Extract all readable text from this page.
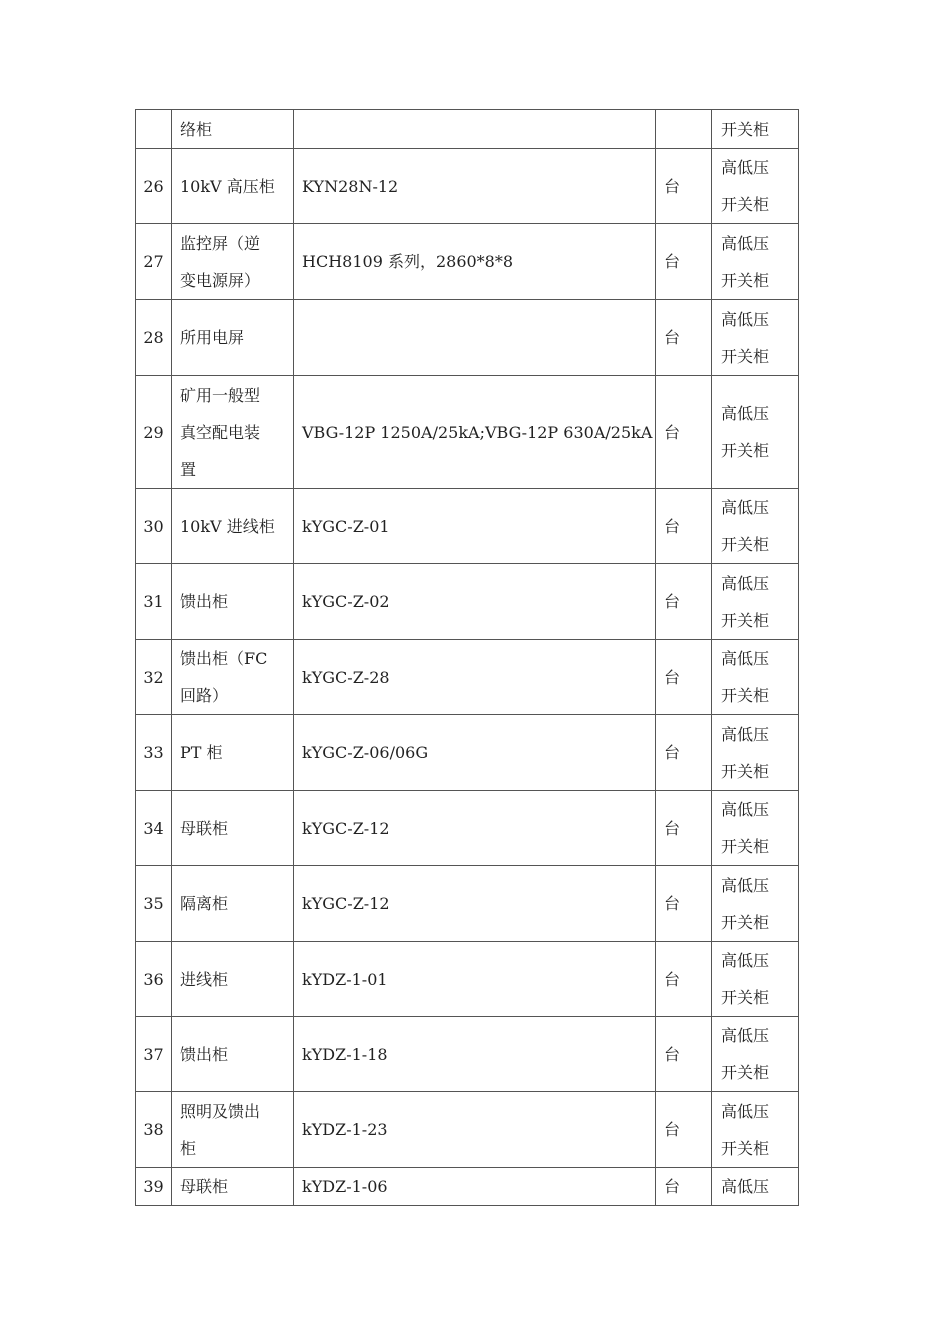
	络柜			开关柜

26	10kV 高压柜	KYN28N-12	台	高低压
开关柜

27	监控屏（逆
变电源屏）	HCH8109 系列，2860*8*8	台	高低压
开关柜

28	所用电屏		台	高低压
开关柜

29	矿用一般型
真空配电装
置	VBG-12P 1250A/25kA;VBG-12P 630A/25kA	台	高低压
开关柜

30	10kV 进线柜	kYGC-Z-01	台	高低压
开关柜

31	馈出柜	kYGC-Z-02	台	高低压
开关柜

32	馈出柜（FC
回路）	kYGC-Z-28	台	高低压
开关柜

33	PT 柜	kYGC-Z-06/06G	台	高低压
开关柜

34	母联柜	kYGC-Z-12	台	高低压
开关柜

35	隔离柜	kYGC-Z-12	台	高低压
开关柜

36	进线柜	kYDZ-1-01	台	高低压
开关柜

37	馈出柜	kYDZ-1-18	台	高低压
开关柜

38	照明及馈出
柜	kYDZ-1-23	台	高低压
开关柜

39	母联柜	kYDZ-1-06	台	高低压
